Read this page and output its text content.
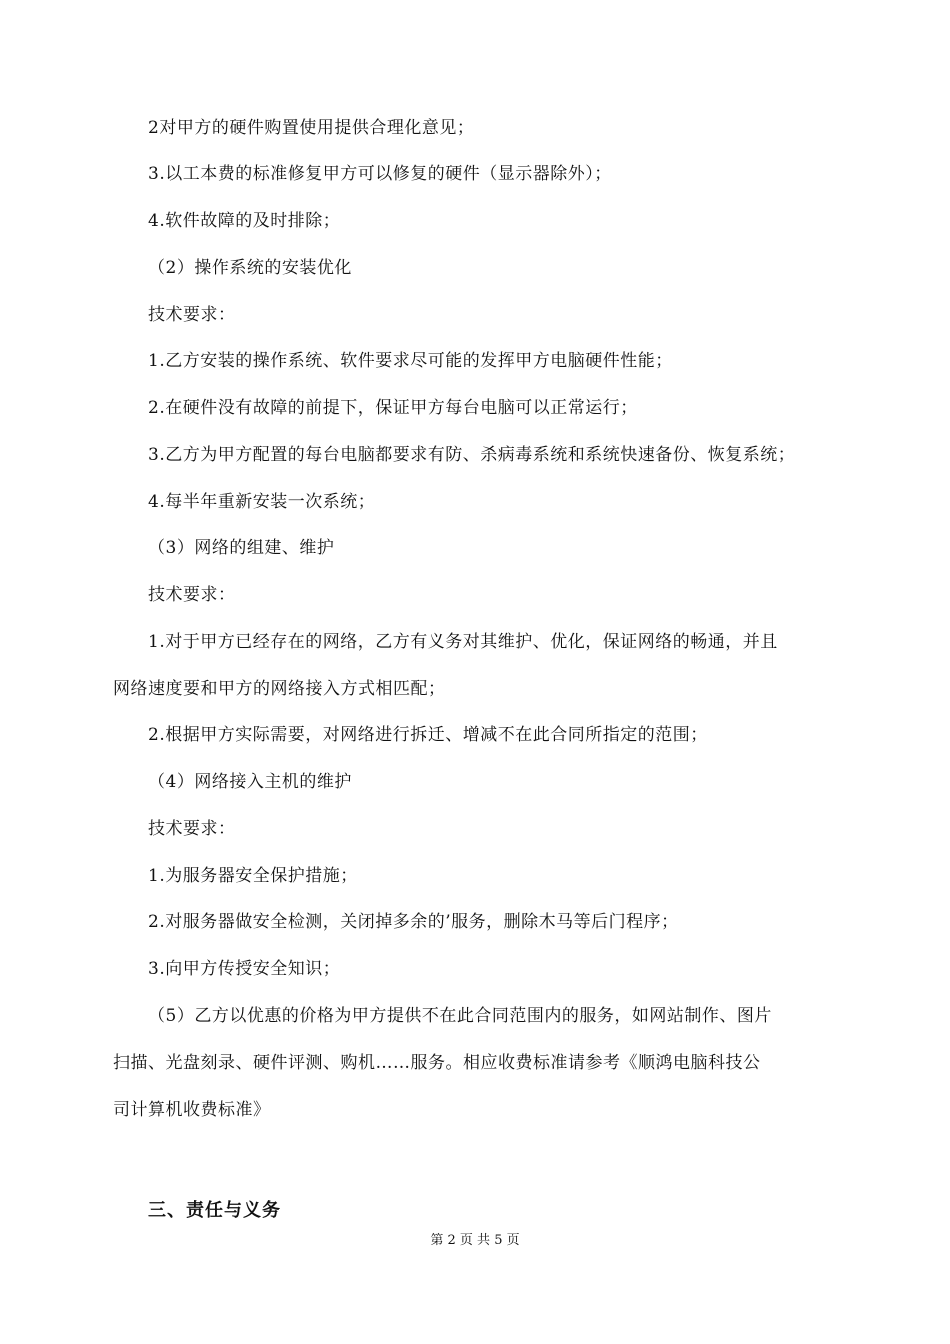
2对甲方的硬件购置使用提供合理化意见；
3.以工本费的标准修复甲方可以修复的硬件（显示器除外）；
4.软件故障的及时排除；
（2）操作系统的安装优化
技术要求：
1.乙方安装的操作系统、软件要求尽可能的发挥甲方电脑硬件性能；
2.在硬件没有故障的前提下，保证甲方每台电脑可以正常运行；
3.乙方为甲方配置的每台电脑都要求有防、杀病毒系统和系统快速备份、恢复系统；
4.每半年重新安装一次系统；
（3）网络的组建、维护
技术要求：
1.对于甲方已经存在的网络，乙方有义务对其维护、优化，保证网络的畅通，并且
网络速度要和甲方的网络接入方式相匹配；
2.根据甲方实际需要，对网络进行拆迁、增减不在此合同所指定的范围；
（4）网络接入主机的维护
技术要求：
1.为服务器安全保护措施；
2.对服务器做安全检测，关闭掉多余的’服务，删除木马等后门程序；
3.向甲方传授安全知识；
（5）乙方以优惠的价格为甲方提供不在此合同范围内的服务，如网站制作、图片
扫描、光盘刻录、硬件评测、购机……服务。相应收费标准请参考《顺鸿电脑科技公
司计算机收费标准》
三、责任与义务
第 2 页 共 5 页
